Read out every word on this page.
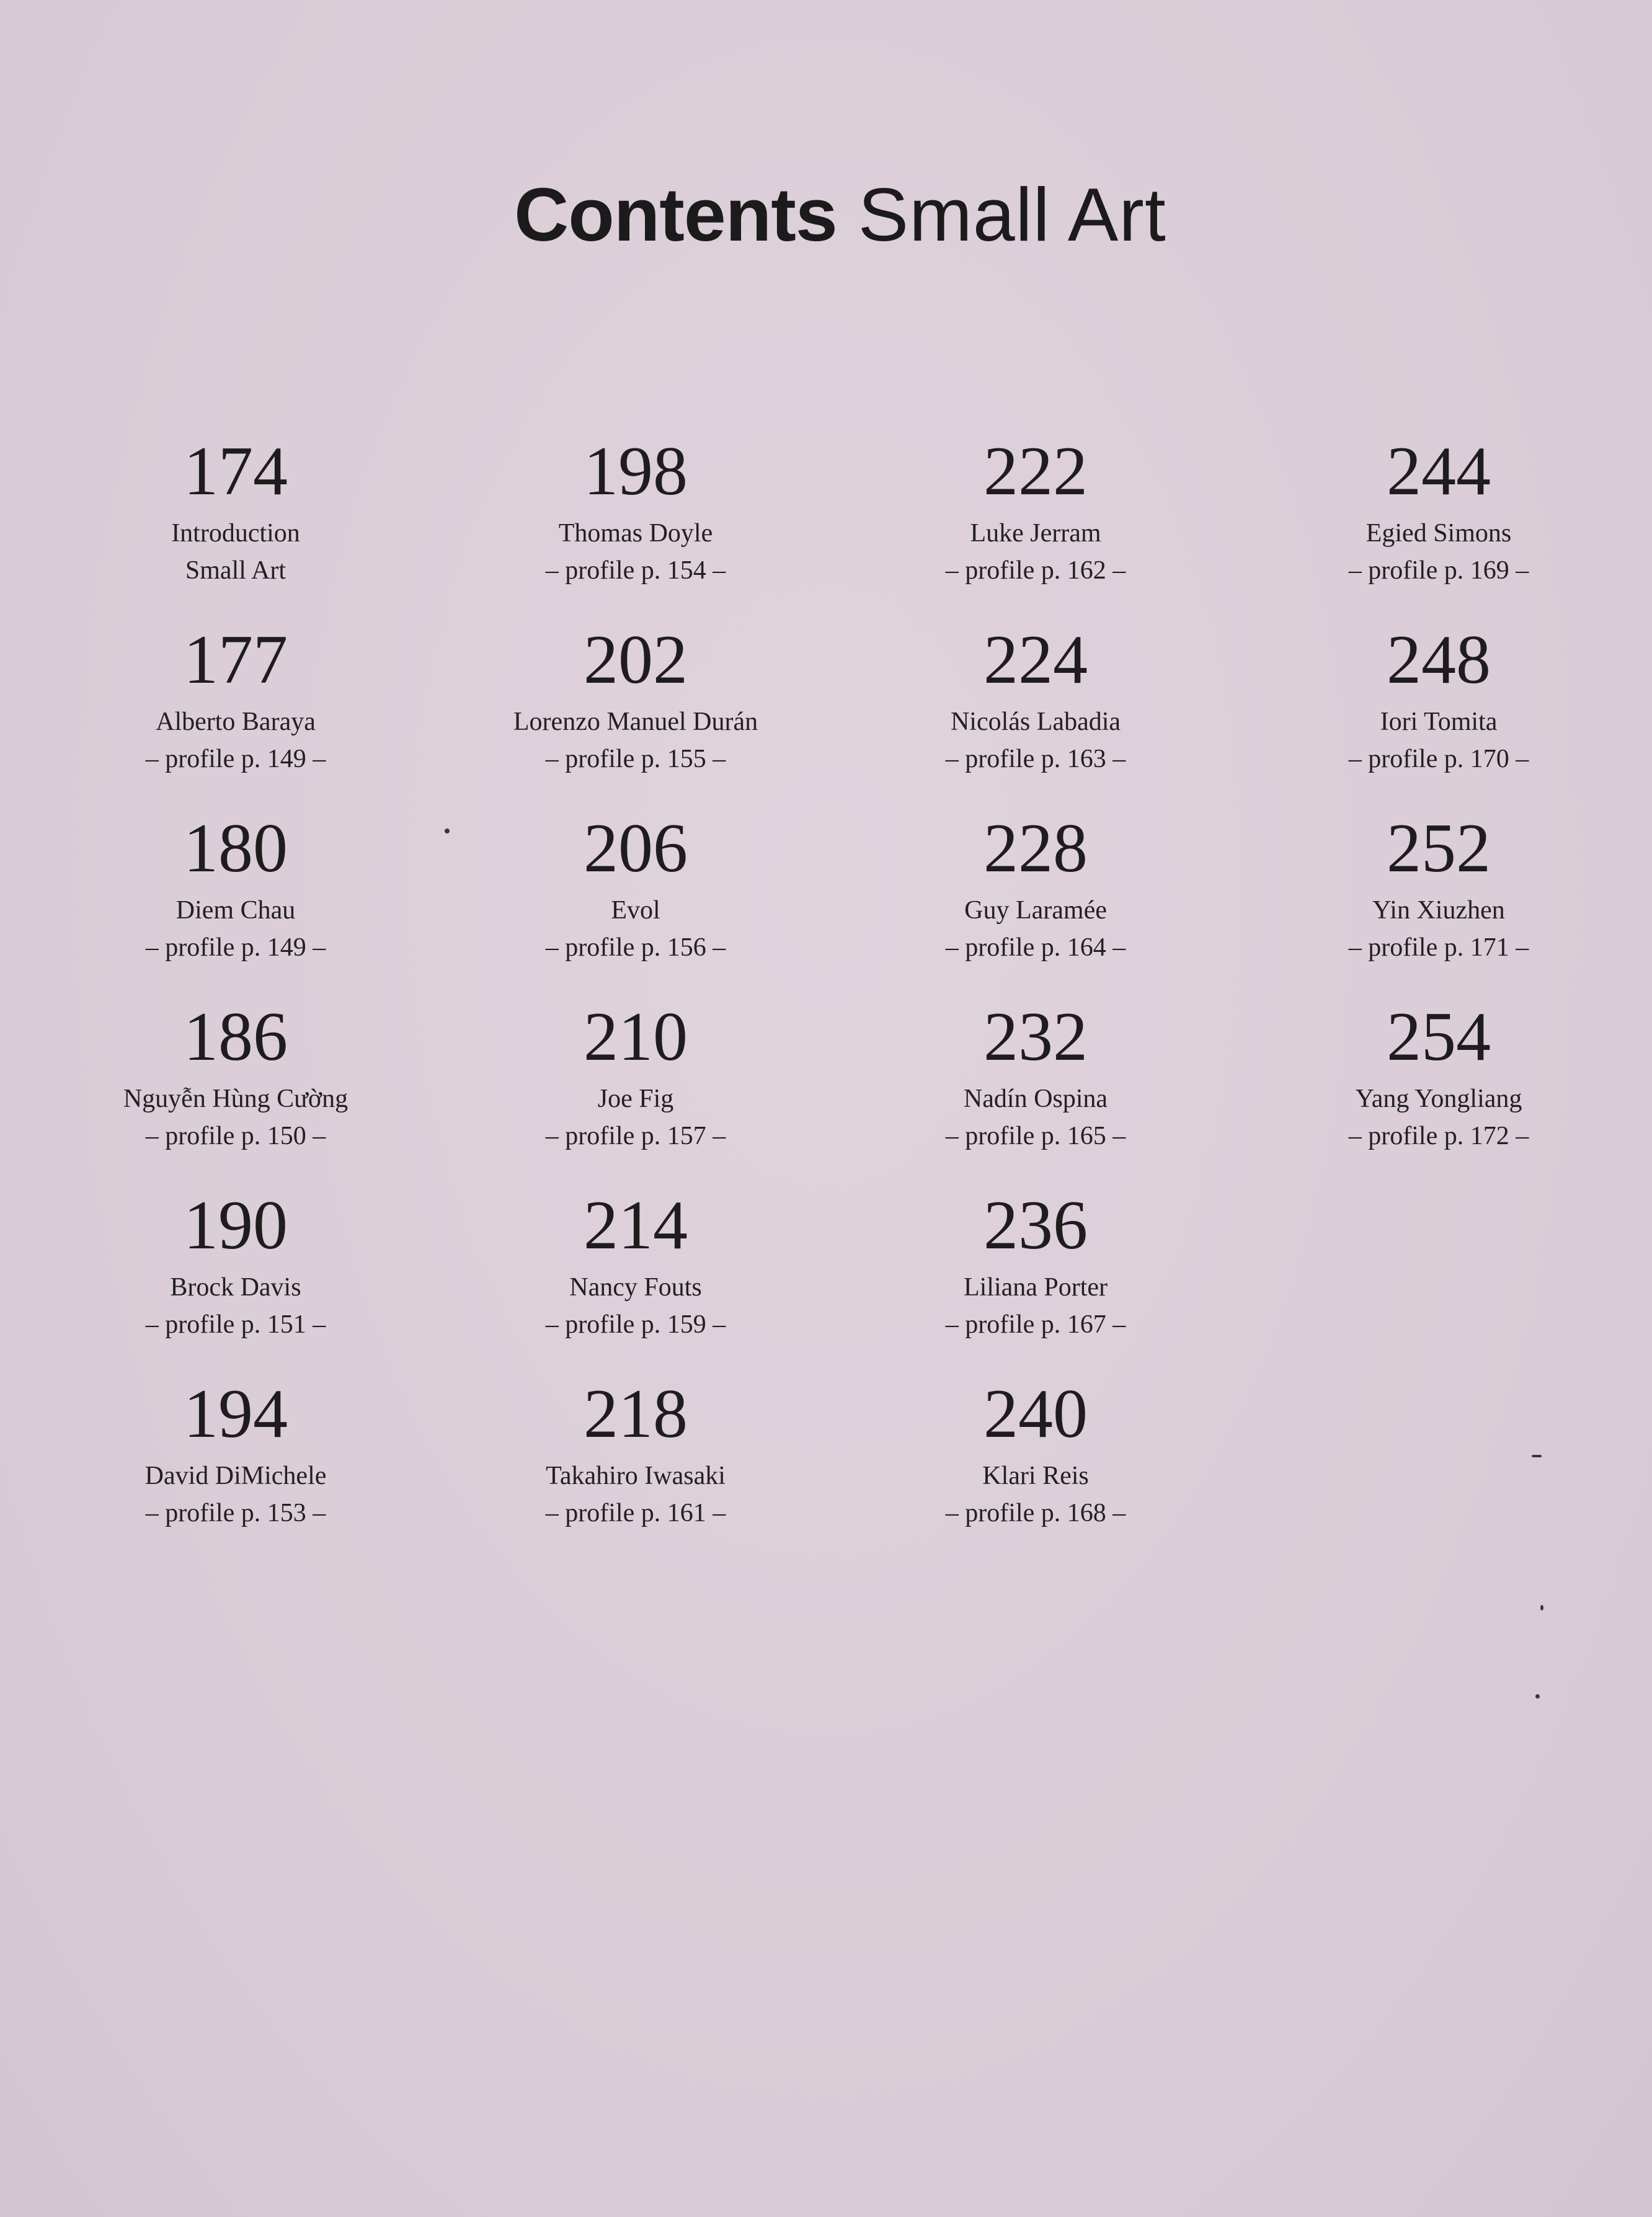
Contents Small Art
174
Introduction
Small Art
177
Alberto Baraya
– profile p. 149 –
180
Diem Chau
– profile p. 149 –
186
Nguyễn Hùng Cường
– profile p. 150 –
190
Brock Davis
– profile p. 151 –
194
David DiMichele
– profile p. 153 –
198
Thomas Doyle
– profile p. 154 –
202
Lorenzo Manuel Durán
– profile p. 155 –
206
Evol
– profile p. 156 –
210
Joe Fig
– profile p. 157 –
214
Nancy Fouts
– profile p. 159 –
218
Takahiro Iwasaki
– profile p. 161 –
222
Luke Jerram
– profile p. 162 –
224
Nicolás Labadia
– profile p. 163 –
228
Guy Laramée
– profile p. 164 –
232
Nadín Ospina
– profile p. 165 –
236
Liliana Porter
– profile p. 167 –
240
Klari Reis
– profile p. 168 –
244
Egied Simons
– profile p. 169 –
248
Iori Tomita
– profile p. 170 –
252
Yin Xiuzhen
– profile p. 171 –
254
Yang Yongliang
– profile p. 172 –
